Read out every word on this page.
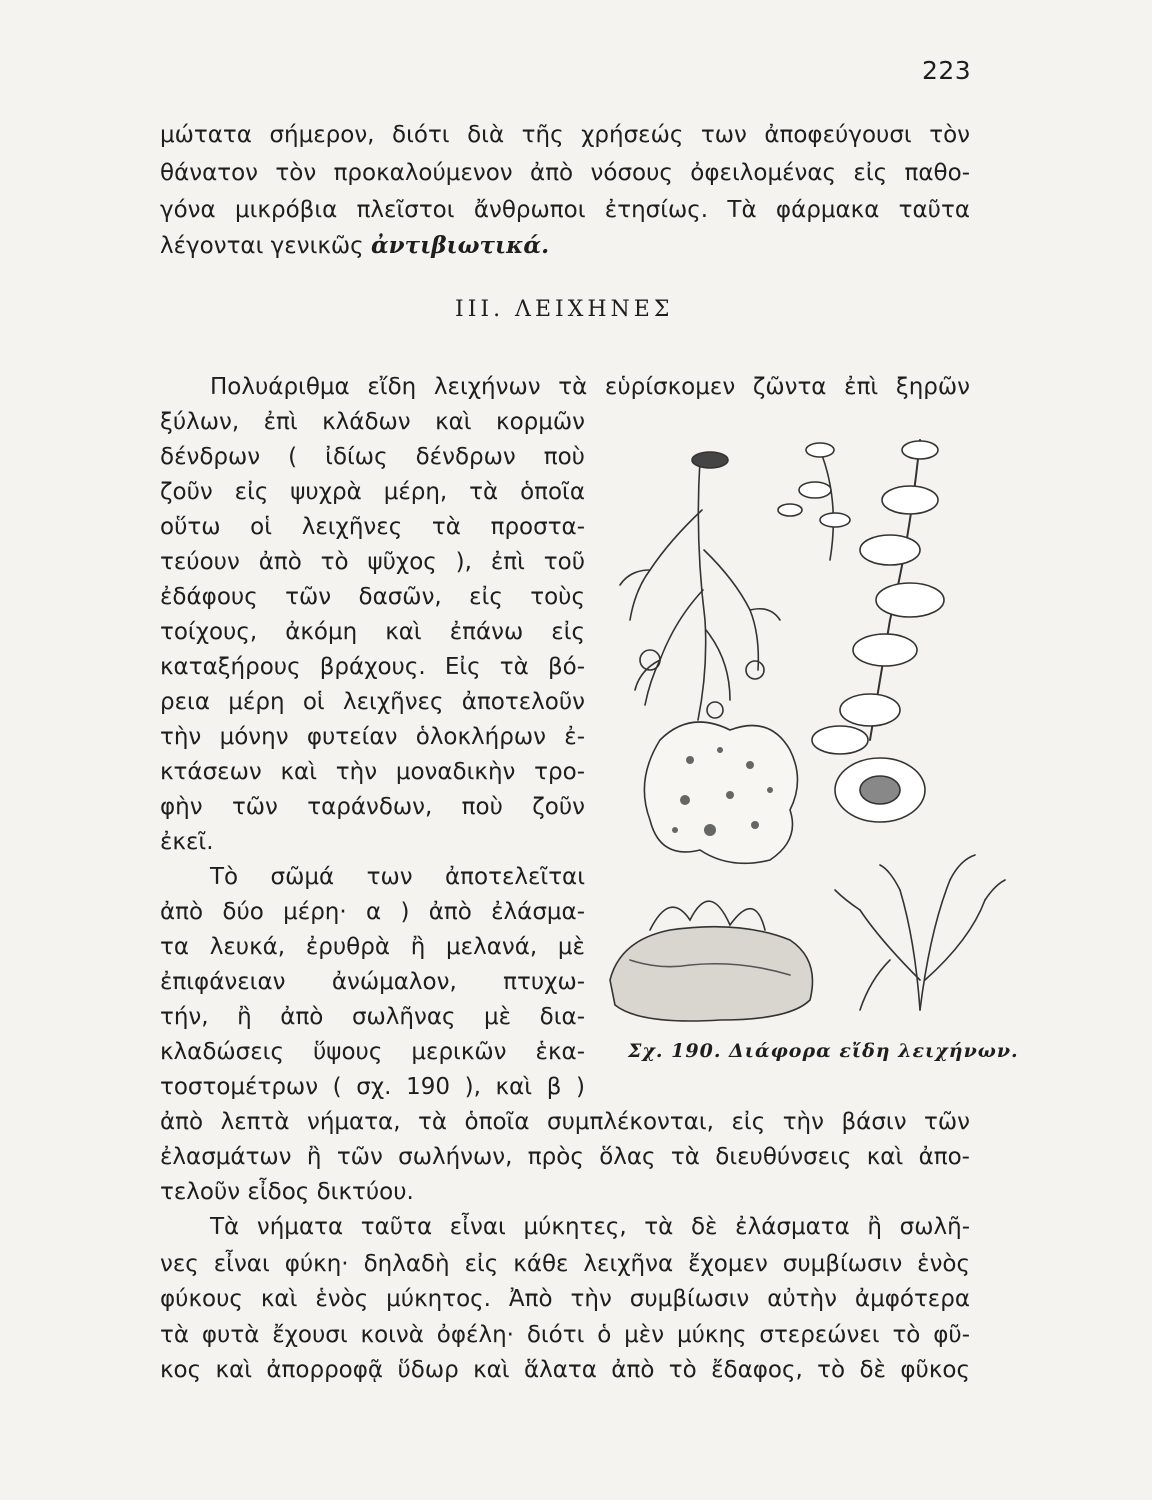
223
μώτατα σήμερον, διότι διὰ τῆς χρήσεώς των ἀποφεύγουσι τὸν
θάνατον τὸν προκαλούμενον ἀπὸ νόσους ὀφειλομένας εἰς παθο-
γόνα μικρόβια πλεῖστοι ἄνθρωποι ἐτησίως. Τὰ φάρμακα ταῦτα
λέγονται γενικῶς ἀντιβιωτικά.
ΙΙΙ. ΛΕΙΧΗΝΕΣ
Πολυάριθμα εἴδη λειχήνων τὰ εὑρίσκομεν ζῶντα ἐπὶ ξηρῶν
ξύλων, ἐπὶ κλάδων καὶ κορμῶν
δένδρων ( ἰδίως δένδρων ποὺ
ζοῦν εἰς ψυχρὰ μέρη, τὰ ὁποῖα
οὕτω οἱ λειχῆνες τὰ προστα-
τεύουν ἀπὸ τὸ ψῦχος ), ἐπὶ τοῦ
ἐδάφους τῶν δασῶν, εἰς τοὺς
τοίχους, ἀκόμη καὶ ἐπάνω εἰς
καταξήρους βράχους. Εἰς τὰ βό-
ρεια μέρη οἱ λειχῆνες ἀποτελοῦν
τὴν μόνην φυτείαν ὁλοκλήρων ἐ-
κτάσεων καὶ τὴν μοναδικὴν τρο-
φὴν τῶν ταράνδων, ποὺ ζοῦν
ἐκεῖ.
Τὸ σῶμά των ἀποτελεῖται
ἀπὸ δύο μέρη· α ) ἀπὸ ἐλάσμα-
τα λευκά, ἐρυθρὰ ἢ μελανά, μὲ
ἐπιφάνειαν ἀνώμαλον, πτυχω-
τήν, ἢ ἀπὸ σωλῆνας μὲ δια-
κλαδώσεις ὕψους μερικῶν ἑκα-
τοστομέτρων ( σχ. 190 ), καὶ β )
ἀπὸ λεπτὰ νήματα, τὰ ὁποῖα συμπλέκονται, εἰς τὴν βάσιν τῶν
ἐλασμάτων ἢ τῶν σωλήνων, πρὸς ὅλας τὰ διευθύνσεις καὶ ἀπο-
τελοῦν εἶδος δικτύου.
Τὰ νήματα ταῦτα εἶναι μύκητες, τὰ δὲ ἐλάσματα ἢ σωλῆ-
νες εἶναι φύκη· δηλαδὴ εἰς κάθε λειχῆνα ἔχομεν συμβίωσιν ἑνὸς
φύκους καὶ ἑνὸς μύκητος. Ἀπὸ τὴν συμβίωσιν αὐτὴν ἀμφότερα
τὰ φυτὰ ἔχουσι κοινὰ ὀφέλη· διότι ὁ μὲν μύκης στερεώνει τὸ φῦ-
κος καὶ ἀπορροφᾷ ὕδωρ καὶ ἅλατα ἀπὸ τὸ ἔδαφος, τὸ δὲ φῦκος
Σχ. 190. Διάφορα εἴδη λειχήνων.
